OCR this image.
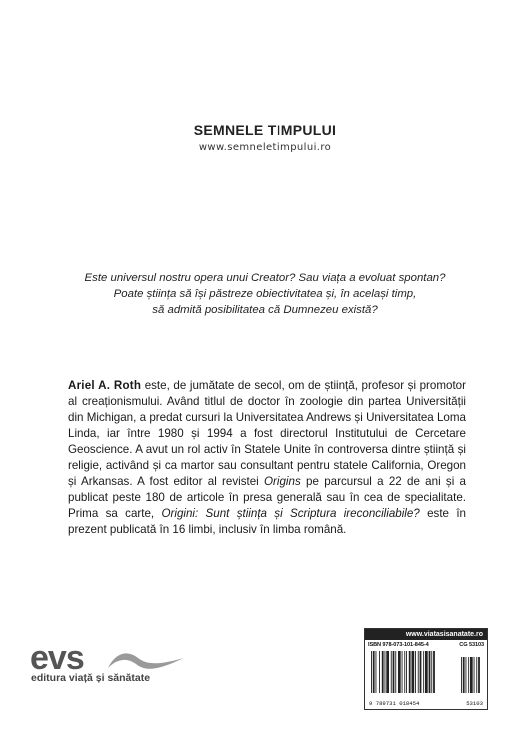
SEMNELE TIMPULUI
www.semneletimpului.ro
Este universul nostru opera unui Creator? Sau viața a evoluat spontan?
Poate știința să își păstreze obiectivitatea și, în același timp,
să admită posibilitatea că Dumnezeu există?
Ariel A. Roth este, de jumătate de secol, om de știință, profesor și promotor al creaționismului. Având titlul de doctor în zoologie din partea Universității din Michigan, a predat cursuri la Universitatea Andrews și Universitatea Loma Linda, iar între 1980 și 1994 a fost directorul Institutului de Cercetare Geoscience. A avut un rol activ în Statele Unite în controversa dintre știință și religie, activând și ca martor sau consultant pentru statele California, Oregon și Arkansas. A fost editor al revistei Origins pe parcursul a 22 de ani și a publicat peste 180 de articole în presa generală sau în cea de specialitate. Prima sa carte, Origini: Sunt știința și Scriptura ireconciliabile? este în prezent publicată în 16 limbi, inclusiv în limba română.
evs
editura viață și sănătate
www.viatasisanatate.ro
ISBN 978-073-101-845-4	CG 53103
9 789731 018454	53103
